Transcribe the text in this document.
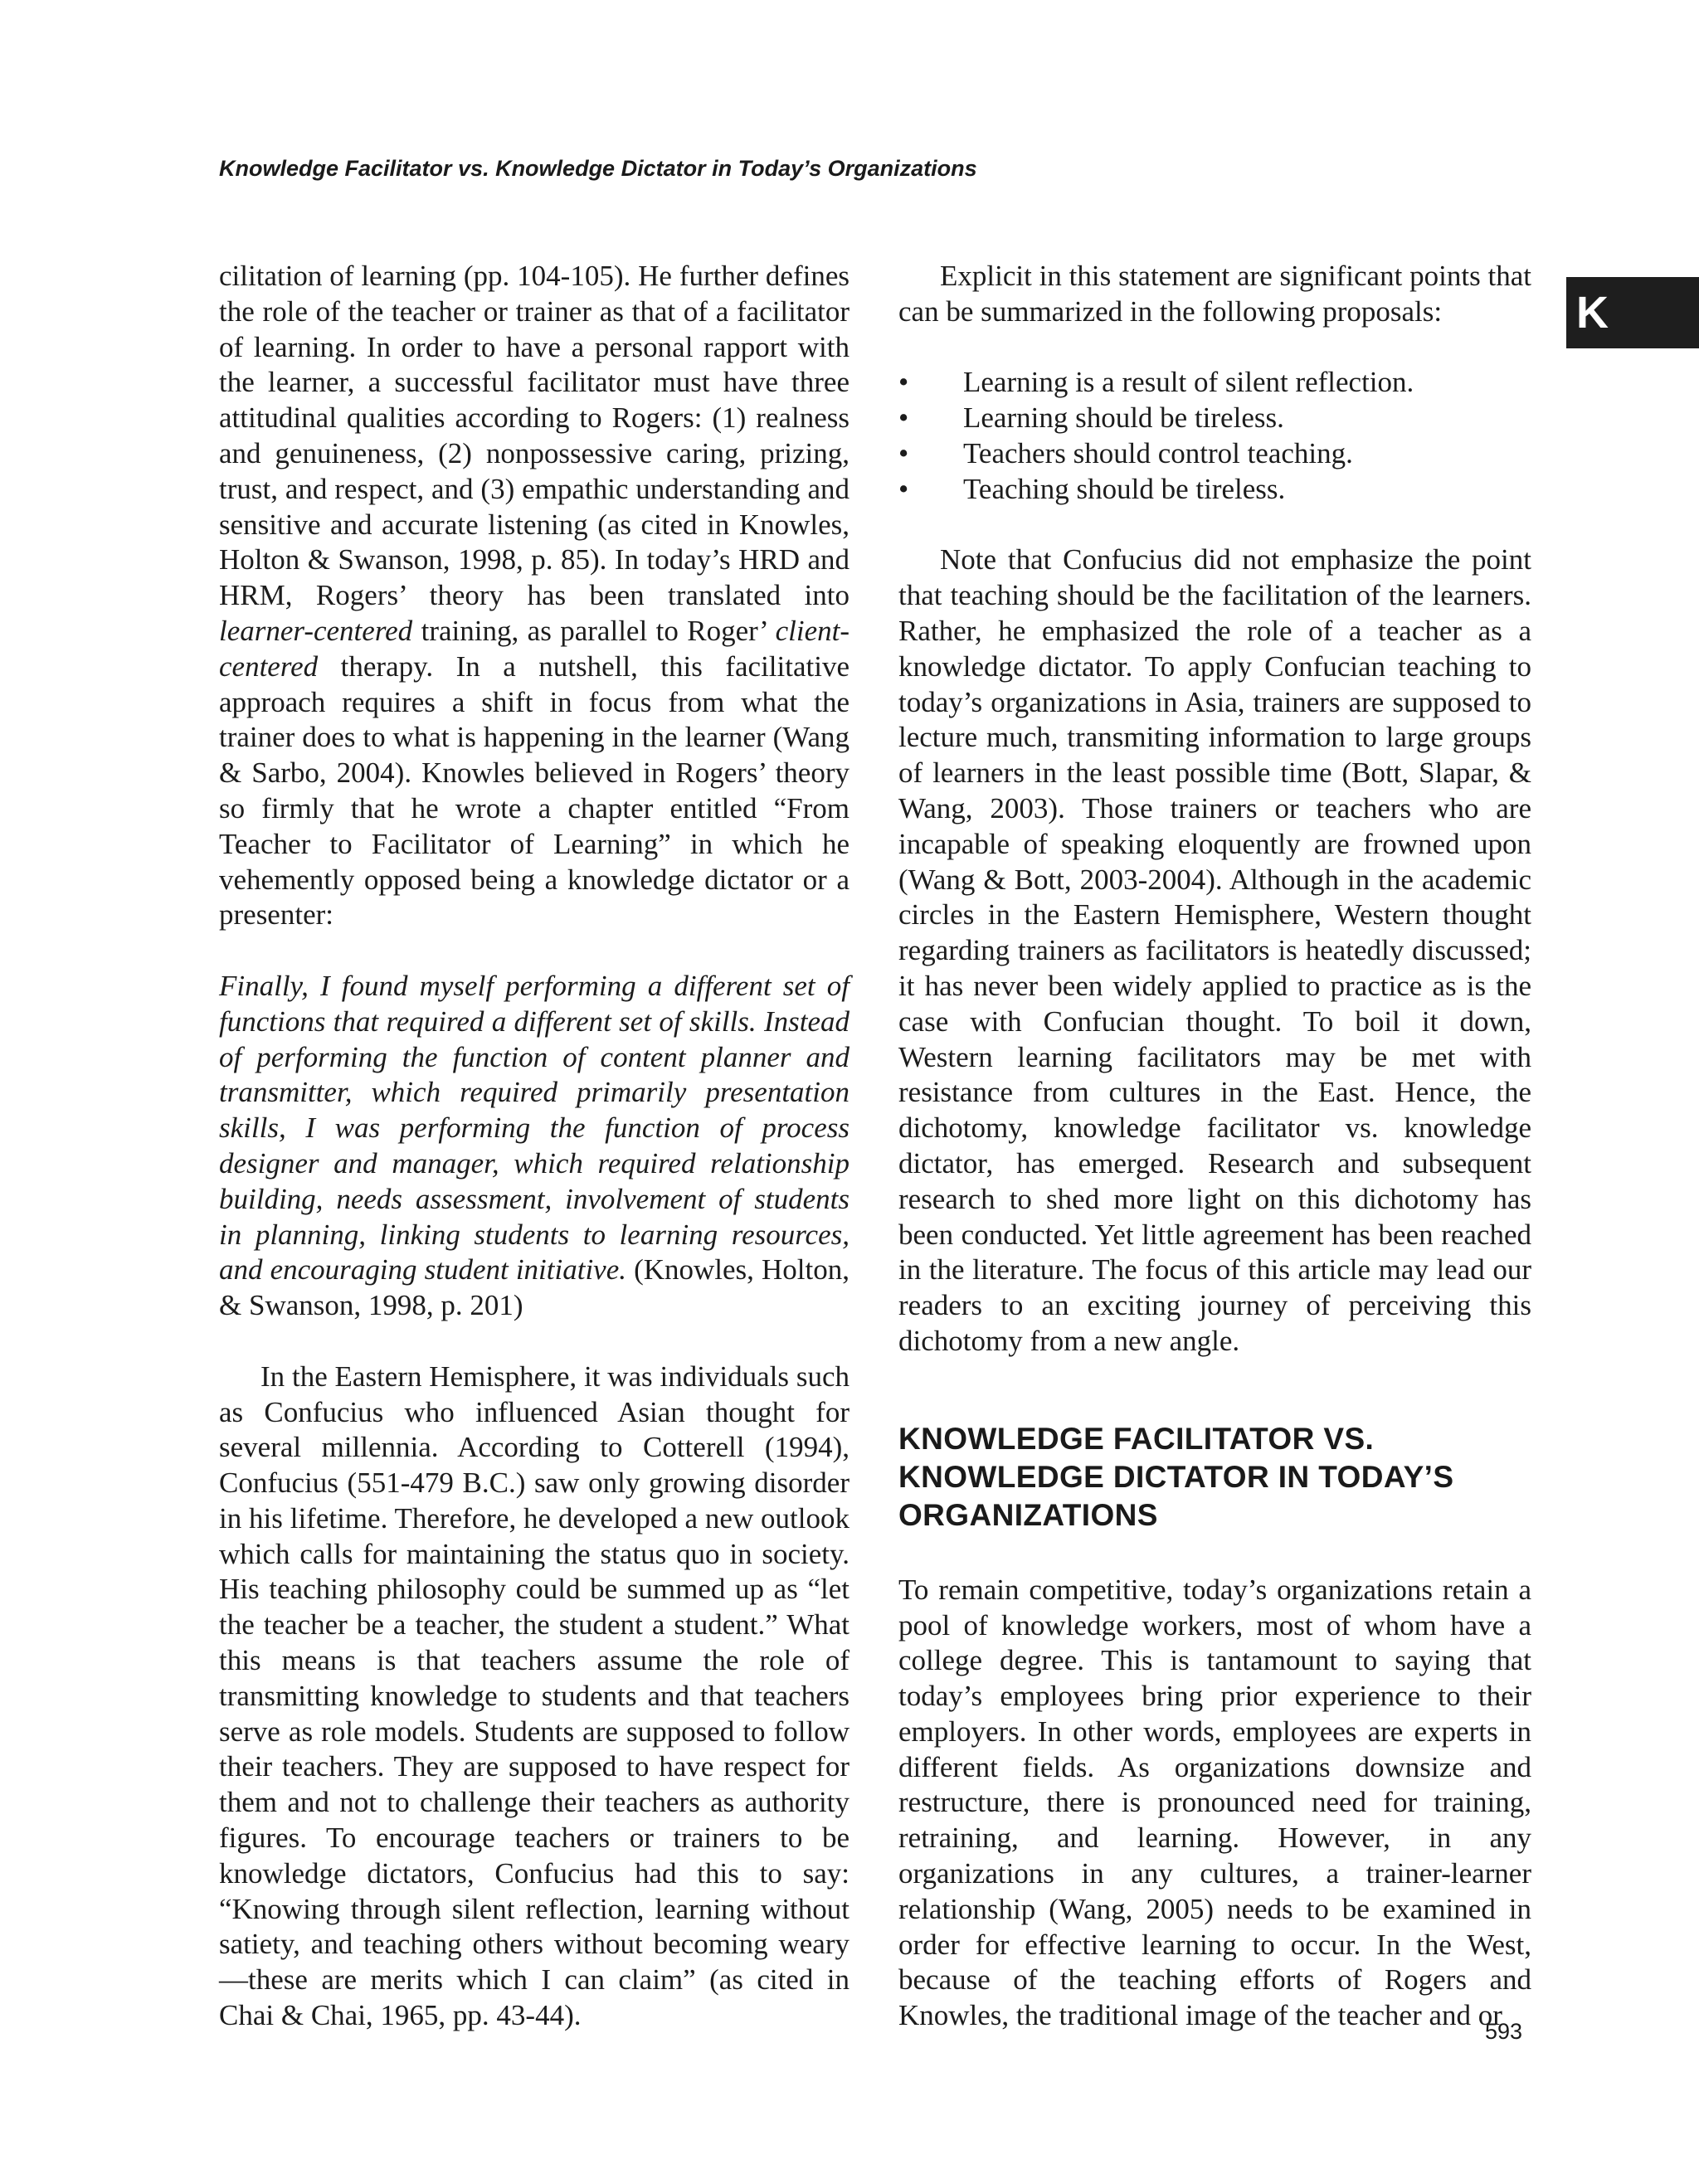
Knowledge Facilitator vs. Knowledge Dictator in Today’s Organizations
K

cilitation of learning (pp. 104-105). He further defines the role of the teacher or trainer as that of a facilitator of learning. In order to have a personal rapport with the learner, a successful facilitator must have three attitudinal qualities according to Rogers: (1) realness and genuineness, (2) nonpossessive caring, prizing, trust, and respect, and (3) empathic understanding and sensitive and accurate listening (as cited in Knowles, Holton & Swanson, 1998, p. 85). In today’s HRD and HRM, Rogers’ theory has been translated into learner-centered training, as parallel to Roger’ client-centered therapy. In a nutshell, this facilitative approach requires a shift in focus from what the trainer does to what is happening in the learner (Wang & Sarbo, 2004). Knowles believed in Rogers’ theory so firmly that he wrote a chapter entitled “From Teacher to Facilitator of Learning” in which he vehemently opposed being a knowledge dictator or a presenter:

Finally, I found myself performing a different set of functions that required a different set of skills. Instead of performing the function of content planner and transmitter, which required primarily presentation skills, I was performing the function of process designer and manager, which required relationship building, needs assessment, involvement of students in planning, linking students to learning resources, and encouraging student initiative. (Knowles, Holton, & Swanson, 1998, p. 201)

In the Eastern Hemisphere, it was individuals such as Confucius who influenced Asian thought for several millennia. According to Cotterell (1994), Confucius (551-479 B.C.) saw only growing disorder in his lifetime. Therefore, he developed a new outlook which calls for maintaining the status quo in society. His teaching philosophy could be summed up as “let the teacher be a teacher, the student a student.” What this means is that teachers assume the role of transmitting knowledge to students and that teachers serve as role models. Students are supposed to follow their teachers. They are supposed to have respect for them and not to challenge their teachers as authority figures. To encourage teachers or trainers to be knowledge dictators, Confucius had this to say: “Knowing through silent reflection, learning without satiety, and teaching others without becoming weary—these are merits which I can claim” (as cited in Chai & Chai, 1965, pp. 43-44).

Explicit in this statement are significant points that can be summarized in the following proposals:

• Learning is a result of silent reflection.
• Learning should be tireless.
• Teachers should control teaching.
• Teaching should be tireless.

Note that Confucius did not emphasize the point that teaching should be the facilitation of the learners. Rather, he emphasized the role of a teacher as a knowledge dictator. To apply Confucian teaching to today’s organizations in Asia, trainers are supposed to lecture much, transmiting information to large groups of learners in the least possible time (Bott, Slapar, & Wang, 2003). Those trainers or teachers who are incapable of speaking eloquently are frowned upon (Wang & Bott, 2003-2004). Although in the academic circles in the Eastern Hemisphere, Western thought regarding trainers as facilitators is heatedly discussed; it has never been widely applied to practice as is the case with Confucian thought. To boil it down, Western learning facilitators may be met with resistance from cultures in the East. Hence, the dichotomy, knowledge facilitator vs. knowledge dictator, has emerged. Research and subsequent research to shed more light on this dichotomy has been conducted. Yet little agreement has been reached in the literature. The focus of this article may lead our readers to an exciting journey of perceiving this dichotomy from a new angle.

KNOWLEDGE FACILITATOR VS.
KNOWLEDGE DICTATOR IN TODAY’S
ORGANIZATIONS

To remain competitive, today’s organizations retain a pool of knowledge workers, most of whom have a college degree. This is tantamount to saying that today’s employees bring prior experience to their employers. In other words, employees are experts in different fields. As organizations downsize and restructure, there is pronounced need for training, retraining, and learning. However, in any organizations in any cultures, a trainer-learner relationship (Wang, 2005) needs to be examined in order for effective learning to occur. In the West, because of the teaching efforts of Rogers and Knowles, the traditional image of the teacher and or

593
